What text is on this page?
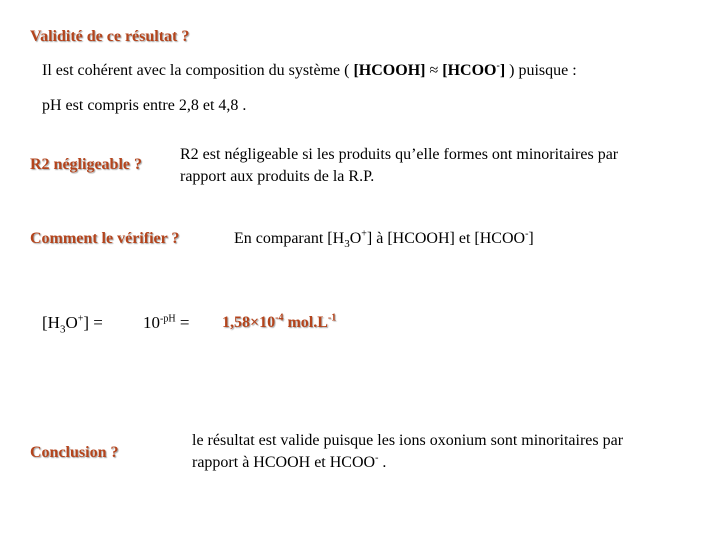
Validité de ce résultat ?
Il est cohérent avec la composition du système ( [HCOOH] ≈ [HCOO-] ) puisque :
pH est compris entre 2,8 et 4,8 .
R2 négligeable ?
R2 est négligeable si les produits qu’elle formes ont minoritaires par
rapport aux produits de la R.P.
Comment le vérifier ?	En comparant $[H_3O^+]$ à [HCOOH] et [HCOO-]
$[H_3O^+] = 10^{-pH} = 1,58\times 10^{-4}$ $mol.L^{-1}$
Conclusion ?
le résultat est valide puisque les ions oxonium sont minoritaires par
rapport à HCOOH et HCOO- .
